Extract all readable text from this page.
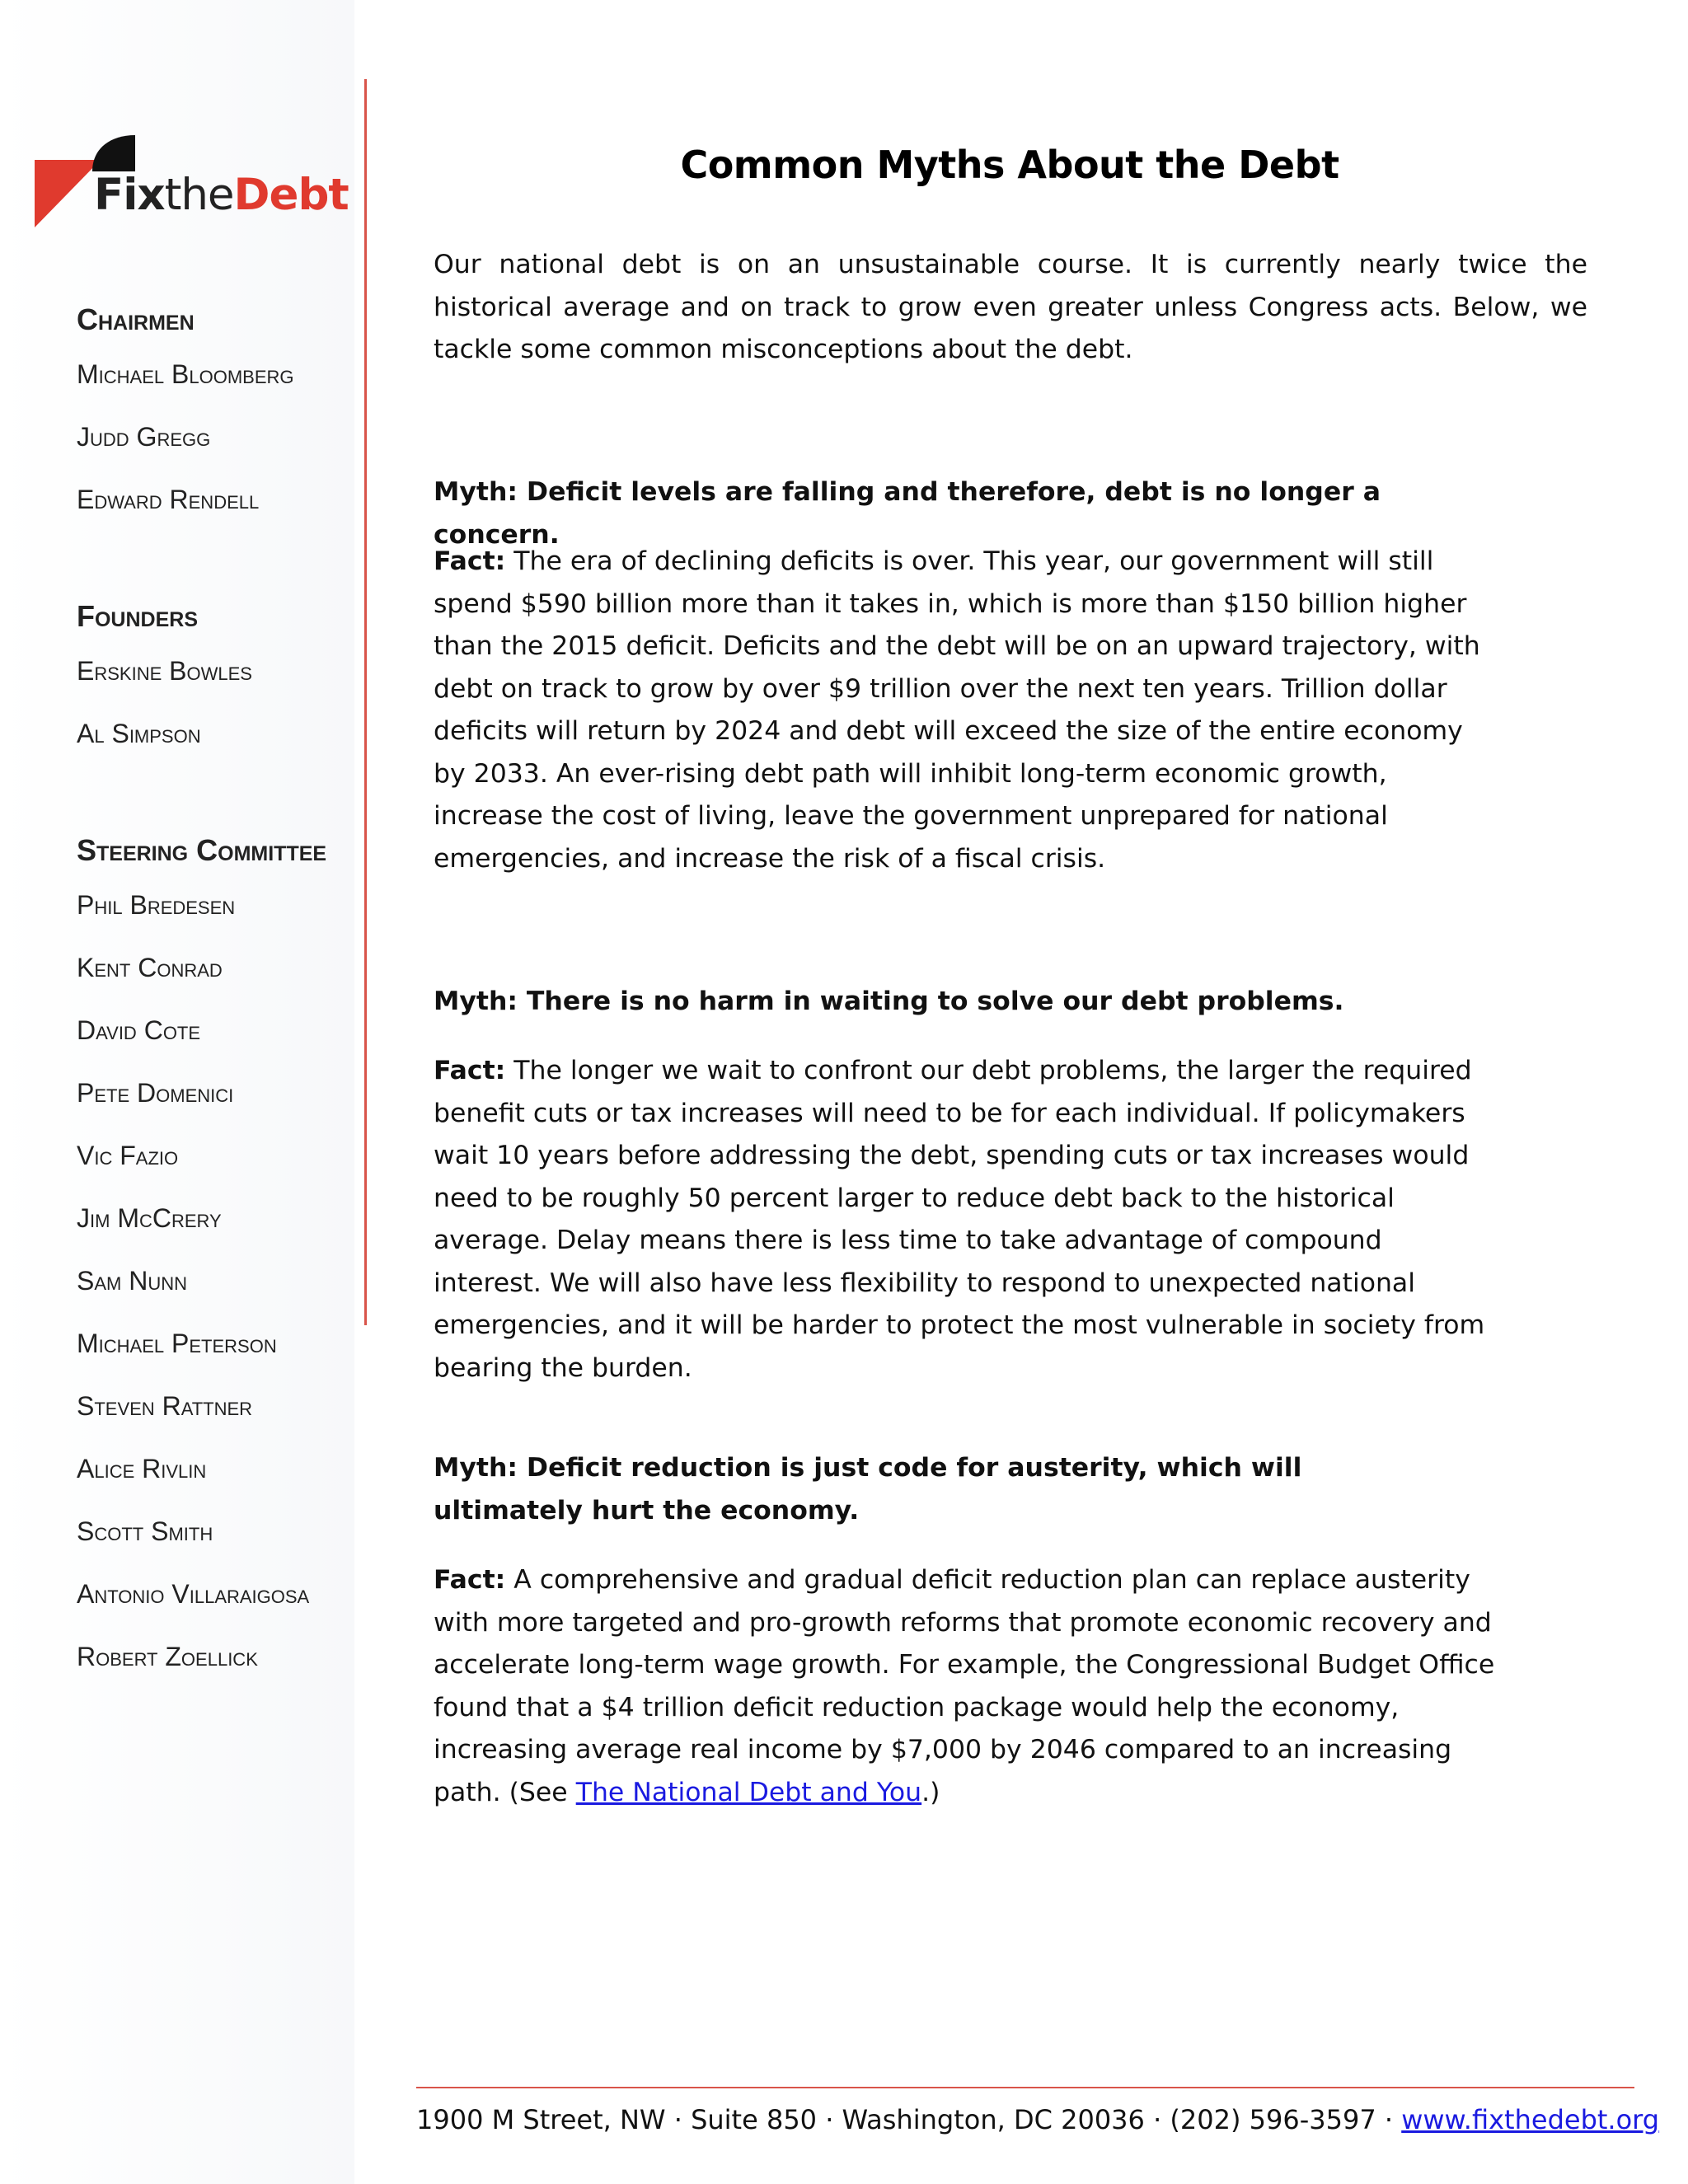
FixtheDebt
Chairmen
Michael Bloomberg
Judd Gregg
Edward Rendell
Founders
Erskine Bowles
Al Simpson
Steering Committee
Phil Bredesen
Kent Conrad
David Cote
Pete Domenici
Vic Fazio
Jim McCrery
Sam Nunn
Michael Peterson
Steven Rattner
Alice Rivlin
Scott Smith
Antonio Villaraigosa
Robert Zoellick
Common Myths About the Debt
Our national debt is on an unsustainable course. It is currently nearly twice the historical average and on track to grow even greater unless Congress acts. Below, we tackle some common misconceptions about the debt.
Myth: Deficit levels are falling and therefore, debt is no longer a concern.
Fact: The era of declining deficits is over. This year, our government will still spend $590 billion more than it takes in, which is more than $150 billion higher than the 2015 deficit. Deficits and the debt will be on an upward trajectory, with debt on track to grow by over $9 trillion over the next ten years. Trillion dollar deficits will return by 2024 and debt will exceed the size of the entire economy by 2033. An ever-rising debt path will inhibit long-term economic growth, increase the cost of living, leave the government unprepared for national emergencies, and increase the risk of a fiscal crisis.
Myth: There is no harm in waiting to solve our debt problems.
Fact: The longer we wait to confront our debt problems, the larger the required benefit cuts or tax increases will need to be for each individual. If policymakers wait 10 years before addressing the debt, spending cuts or tax increases would need to be roughly 50 percent larger to reduce debt back to the historical average. Delay means there is less time to take advantage of compound interest. We will also have less flexibility to respond to unexpected national emergencies, and it will be harder to protect the most vulnerable in society from bearing the burden.
Myth: Deficit reduction is just code for austerity, which will ultimately hurt the economy.
Fact: A comprehensive and gradual deficit reduction plan can replace austerity with more targeted and pro-growth reforms that promote economic recovery and accelerate long-term wage growth. For example, the Congressional Budget Office found that a $4 trillion deficit reduction package would help the economy, increasing average real income by $7,000 by 2046 compared to an increasing path. (See The National Debt and You.)
1900 M Street, NW · Suite 850 · Washington, DC 20036 · (202) 596-3597 · www.fixthedebt.org
